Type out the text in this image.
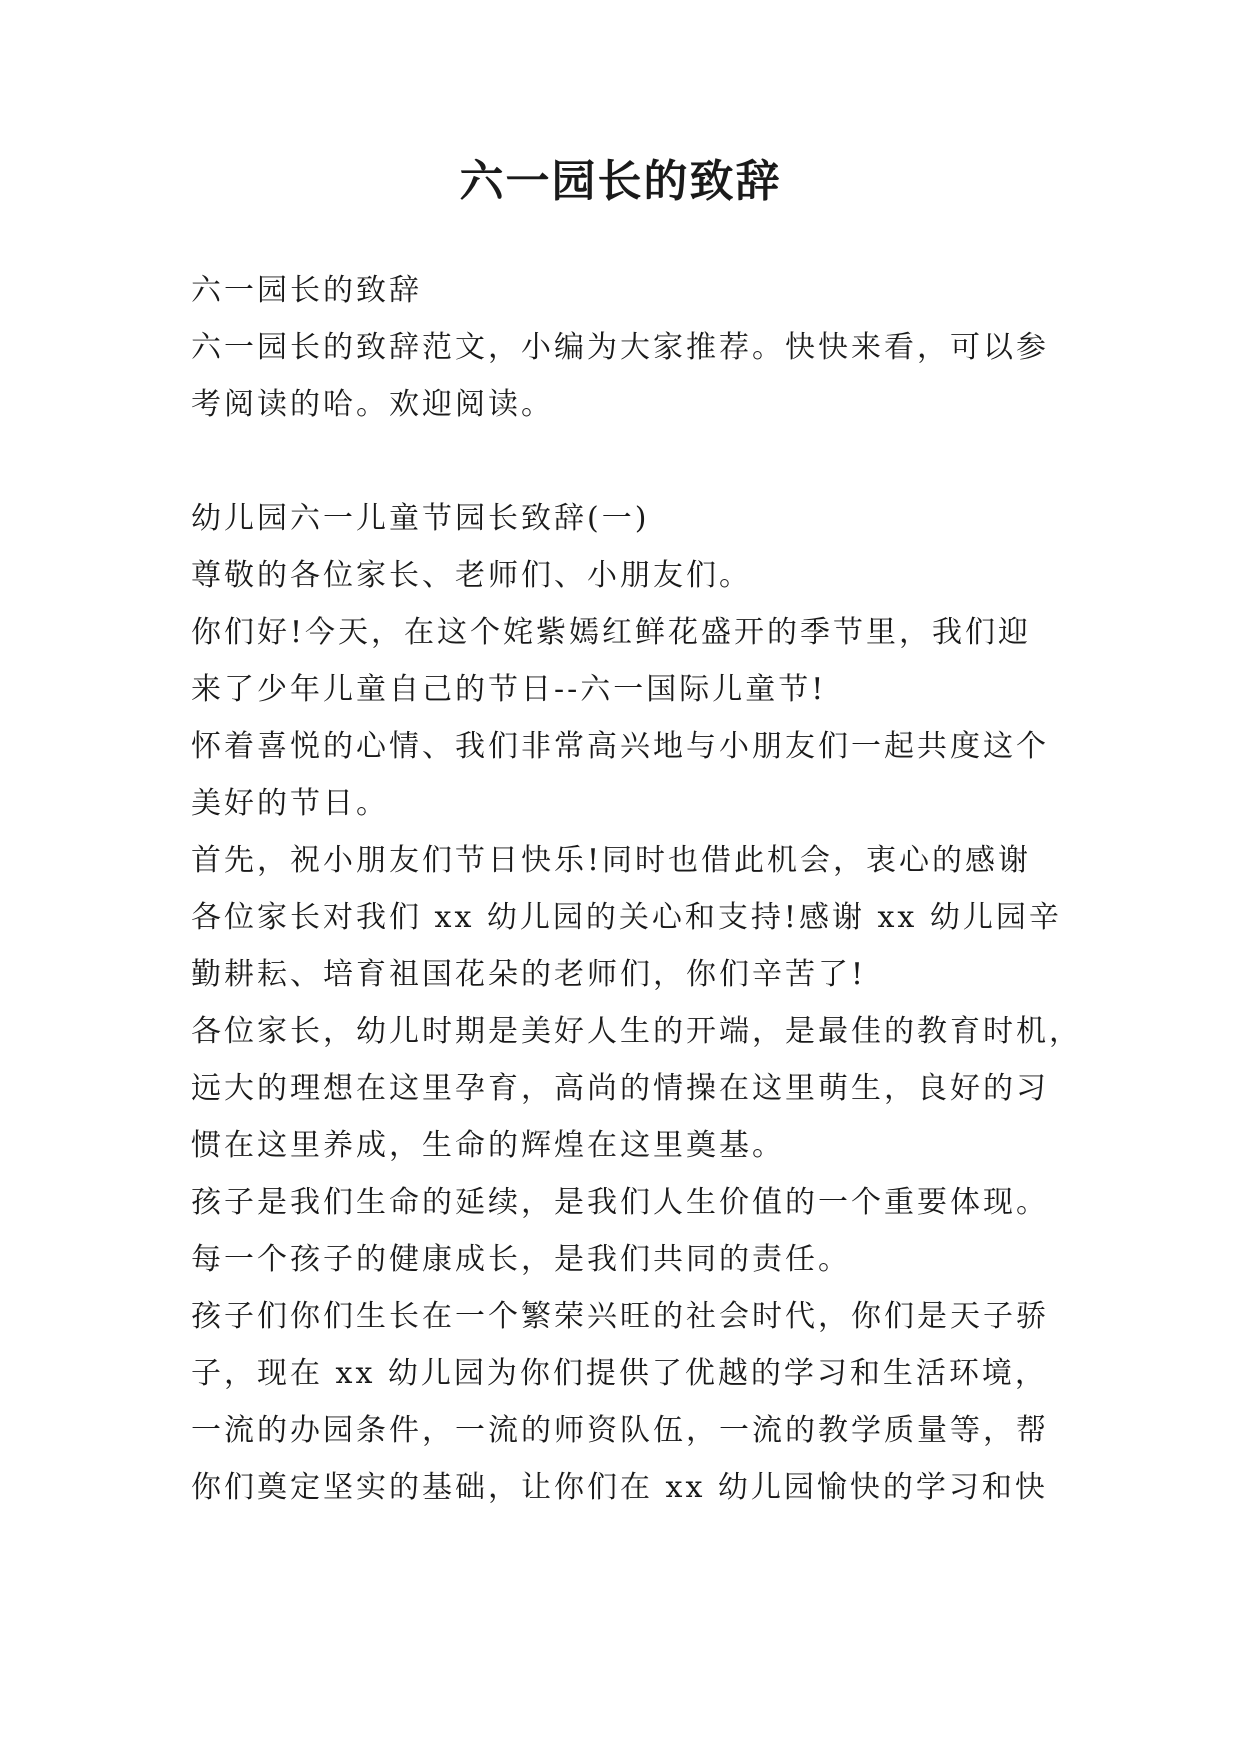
六一园长的致辞
六一园长的致辞
六一园长的致辞范文，小编为大家推荐。快快来看，可以参
考阅读的哈。欢迎阅读。
幼儿园六一儿童节园长致辞(一)
尊敬的各位家长、老师们、小朋友们。
你们好!今天，在这个姹紫嫣红鲜花盛开的季节里，我们迎
来了少年儿童自己的节日--六一国际儿童节!
怀着喜悦的心情、我们非常高兴地与小朋友们一起共度这个
美好的节日。
首先，祝小朋友们节日快乐!同时也借此机会，衷心的感谢
各位家长对我们 xx 幼儿园的关心和支持!感谢 xx 幼儿园辛
勤耕耘、培育祖国花朵的老师们，你们辛苦了!
各位家长，幼儿时期是美好人生的开端，是最佳的教育时机，
远大的理想在这里孕育，高尚的情操在这里萌生，良好的习
惯在这里养成，生命的辉煌在这里奠基。
孩子是我们生命的延续，是我们人生价值的一个重要体现。
每一个孩子的健康成长，是我们共同的责任。
孩子们你们生长在一个繁荣兴旺的社会时代，你们是天子骄
子，现在 xx 幼儿园为你们提供了优越的学习和生活环境，
一流的办园条件，一流的师资队伍，一流的教学质量等，帮
你们奠定坚实的基础，让你们在 xx 幼儿园愉快的学习和快
